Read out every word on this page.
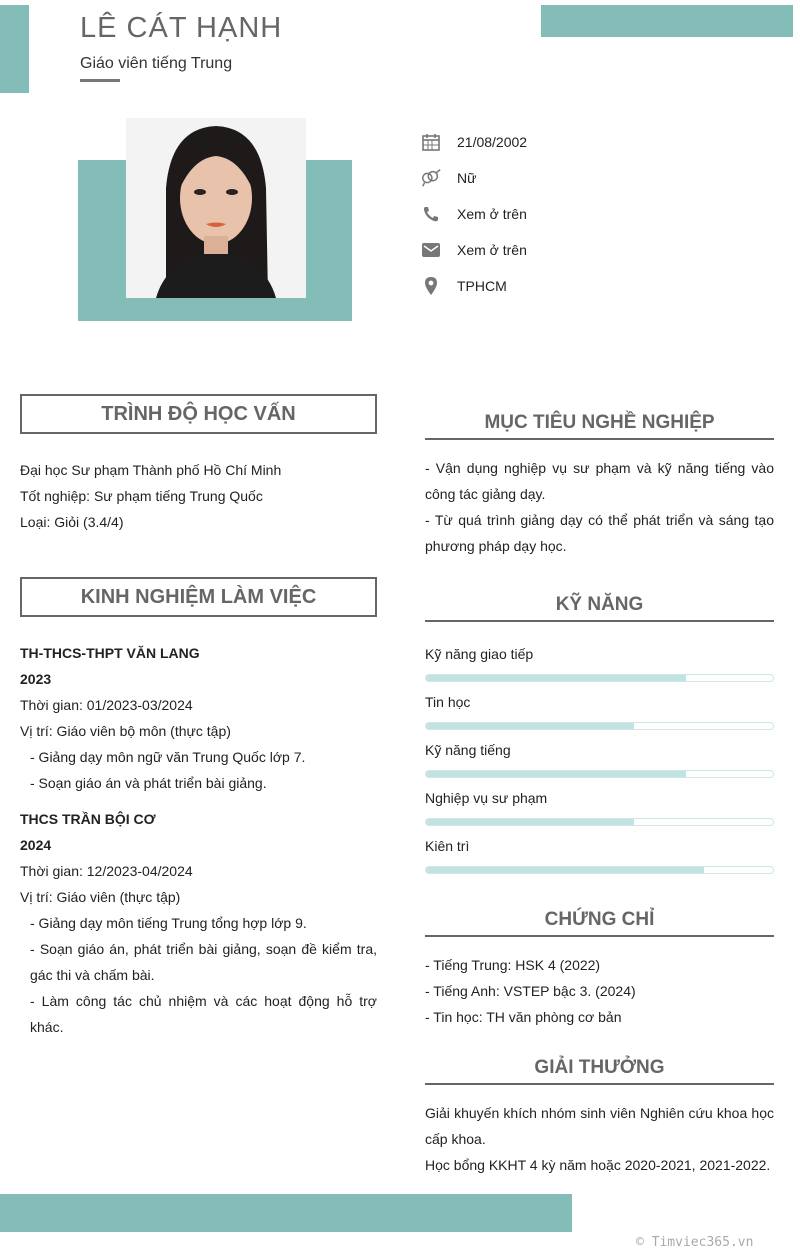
LÊ CÁT HẠNH
Giáo viên tiếng Trung
21/08/2002
Nữ
Xem ở trên
Xem ở trên
TPHCM
TRÌNH ĐỘ HỌC VẤN
Đại học Sư phạm Thành phố Hồ Chí Minh
Tốt nghiệp: Sư phạm tiếng Trung Quốc
Loại: Giỏi (3.4/4)
KINH NGHIỆM LÀM VIỆC
TH-THCS-THPT VĂN LANG
2023
Thời gian: 01/2023-03/2024
Vị trí: Giáo viên bộ môn (thực tập)
- Giảng dạy môn ngữ văn Trung Quốc lớp 7.
- Soạn giáo án và phát triển bài giảng.
THCS TRẦN BỘI CƠ
2024
Thời gian: 12/2023-04/2024
Vị trí: Giáo viên (thực tập)
- Giảng dạy môn tiếng Trung tổng hợp lớp 9.
- Soạn giáo án, phát triển bài giảng, soạn đề kiểm tra, gác thi và chấm bài.
- Làm công tác chủ nhiệm và các hoạt động hỗ trợ khác.
MỤC TIÊU NGHỀ NGHIỆP
- Vận dụng nghiệp vụ sư phạm và kỹ năng tiếng vào công tác giảng dạy.
- Từ quá trình giảng dạy có thể phát triển và sáng tạo phương pháp dạy học.
KỸ NĂNG
Kỹ năng giao tiếp
Tin học
Kỹ năng tiếng
Nghiệp vụ sư phạm
Kiên trì
CHỨNG CHỈ
- Tiếng Trung: HSK 4 (2022)
- Tiếng Anh: VSTEP bậc 3. (2024)
- Tin học: TH văn phòng cơ bản
GIẢI THƯỞNG
Giải khuyến khích nhóm sinh viên Nghiên cứu khoa học cấp khoa.
Học bổng KKHT 4 kỳ năm hoặc 2020-2021, 2021-2022.
© Timviec365.vn
